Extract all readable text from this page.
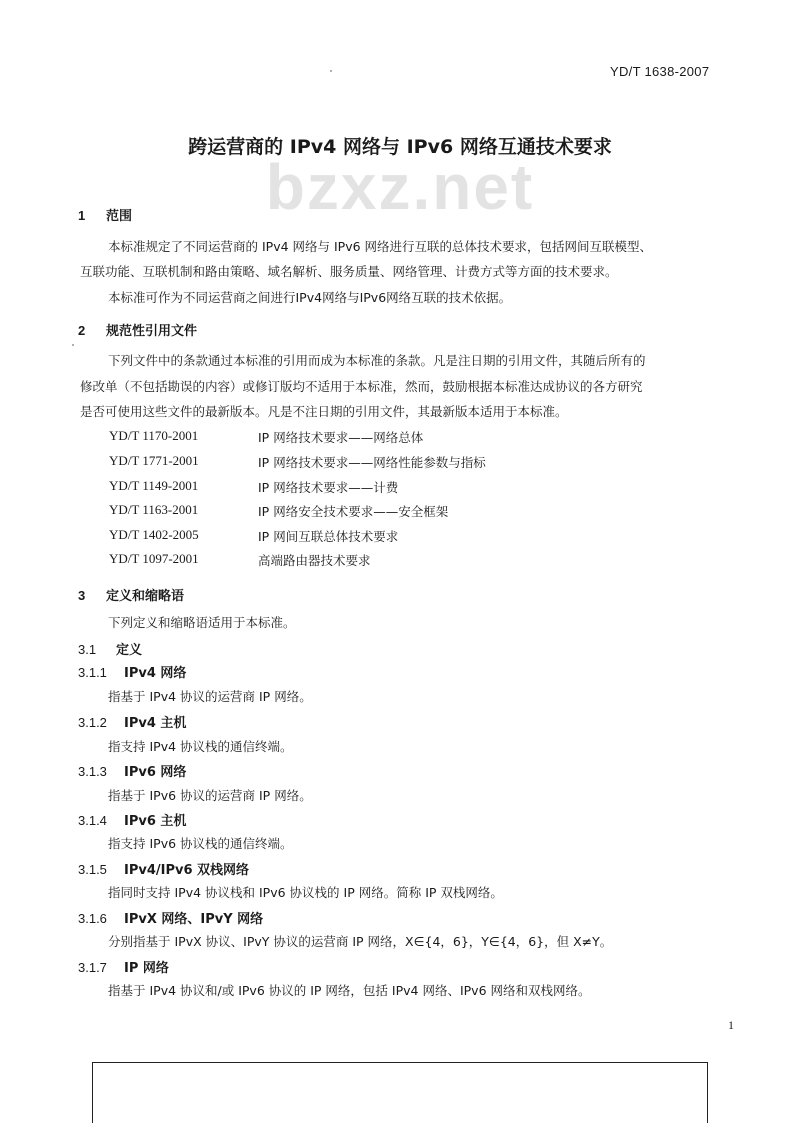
YD/T 1638-2007
bzxz.net
跨运营商的 IPv4 网络与 IPv6 网络互通技术要求
1 范围
本标准规定了不同运营商的 IPv4 网络与 IPv6 网络进行互联的总体技术要求，包括网间互联模型、
互联功能、互联机制和路由策略、域名解析、服务质量、网络管理、计费方式等方面的技术要求。
本标准可作为不同运营商之间进行IPv4网络与IPv6网络互联的技术依据。
2 规范性引用文件
下列文件中的条款通过本标准的引用而成为本标准的条款。凡是注日期的引用文件，其随后所有的
修改单（不包括勘误的内容）或修订版均不适用于本标准，然而，鼓励根据本标准达成协议的各方研究
是否可使用这些文件的最新版本。凡是不注日期的引用文件，其最新版本适用于本标准。
YD/T 1170-2001	IP 网络技术要求——网络总体
YD/T 1771-2001	IP 网络技术要求——网络性能参数与指标
YD/T 1149-2001	IP 网络技术要求——计费
YD/T 1163-2001	IP 网络安全技术要求——安全框架
YD/T 1402-2005	IP 网间互联总体技术要求
YD/T 1097-2001	高端路由器技术要求
3 定义和缩略语
下列定义和缩略语适用于本标准。
3.1 定义
3.1.1 IPv4 网络
指基于 IPv4 协议的运营商 IP 网络。
3.1.2 IPv4 主机
指支持 IPv4 协议栈的通信终端。
3.1.3 IPv6 网络
指基于 IPv6 协议的运营商 IP 网络。
3.1.4 IPv6 主机
指支持 IPv6 协议栈的通信终端。
3.1.5 IPv4/IPv6 双栈网络
指同时支持 IPv4 协议栈和 IPv6 协议栈的 IP 网络。简称 IP 双栈网络。
3.1.6 IPvX 网络、IPvY 网络
分别指基于 IPvX 协议、IPvY 协议的运营商 IP 网络，X∈{4，6}，Y∈{4，6}，但 X≠Y。
3.1.7 IP 网络
指基于 IPv4 协议和/或 IPv6 协议的 IP 网络，包括 IPv4 网络、IPv6 网络和双栈网络。
1
